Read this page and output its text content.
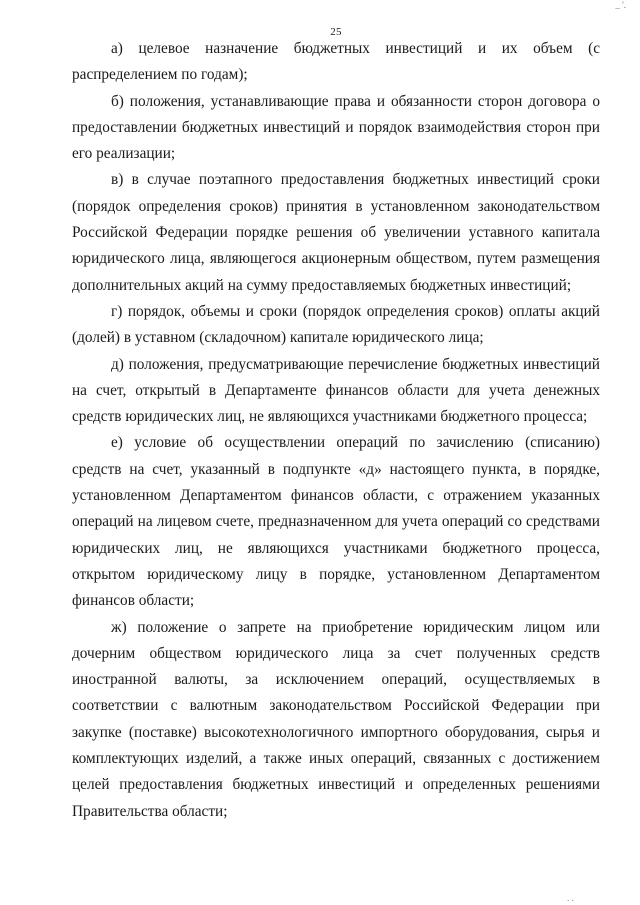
_ '.
25

а) целевое назначение бюджетных инвестиций и их объем (с распределением по годам);

б) положения, устанавливающие права и обязанности сторон договора о предоставлении бюджетных инвестиций и порядок взаимодействия сторон при его реализации;

в) в случае поэтапного предоставления бюджетных инвестиций сроки (порядок определения сроков) принятия в установленном законодательством Российской Федерации порядке решения об увеличении уставного капитала юридического лица, являющегося акционерным обществом, путем размещения дополнительных акций на сумму предоставляемых бюджетных инвестиций;

г) порядок, объемы и сроки (порядок определения сроков) оплаты акций (долей) в уставном (складочном) капитале юридического лица;

д) положения, предусматривающие перечисление бюджетных инвестиций на счет, открытый в Департаменте финансов области для учета денежных средств юридических лиц, не являющихся участниками бюджетного процесса;

е) условие об осуществлении операций по зачислению (списанию) средств на счет, указанный в подпункте «д» настоящего пункта, в порядке, установленном Департаментом финансов области, с отражением указанных операций на лицевом счете, предназначенном для учета операций со средствами юридических лиц, не являющихся участниками бюджетного процесса, открытом юридическому лицу в порядке, установленном Департаментом финансов области;

ж) положение о запрете на приобретение юридическим лицом или дочерним обществом юридического лица за счет полученных средств иностранной валюты, за исключением операций, осуществляемых в соответствии с валютным законодательством Российской Федерации при закупке (поставке) высокотехнологичного импортного оборудования, сырья и комплектующих изделий, а также иных операций, связанных с достижением целей предоставления бюджетных инвестиций и определенных решениями Правительства области;

. .
